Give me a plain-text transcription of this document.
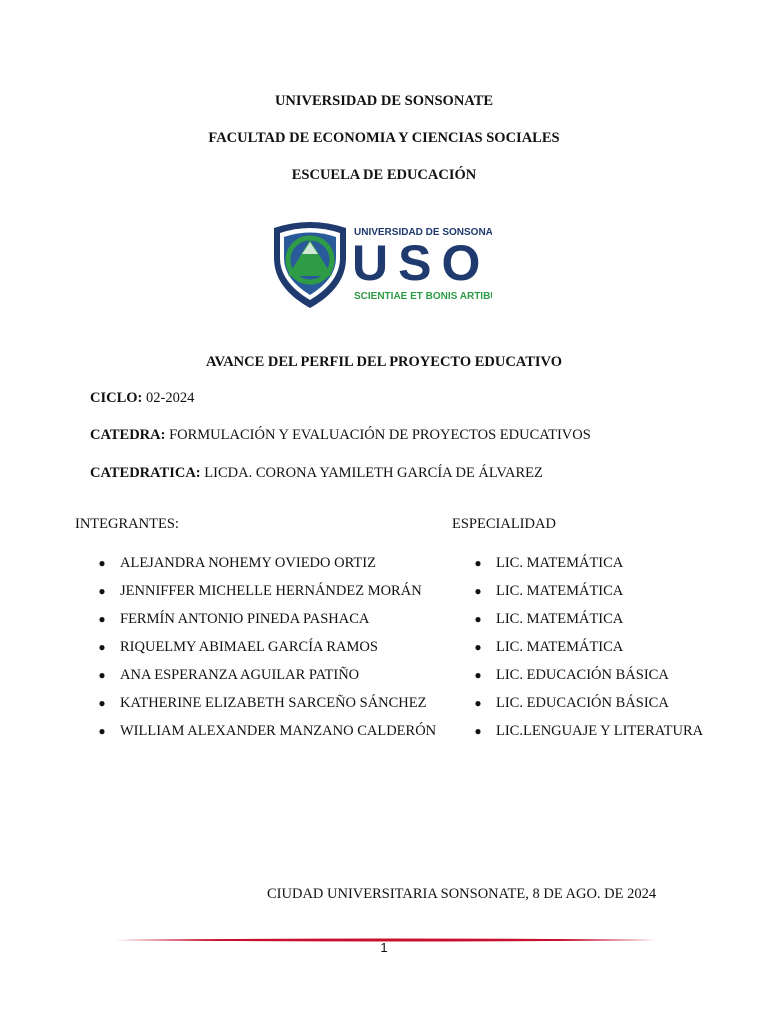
UNIVERSIDAD DE SONSONATE
FACULTAD DE ECONOMIA Y CIENCIAS SOCIALES
ESCUELA DE EDUCACIÓN
UNIVERSIDAD DE SONSONATE
USO
SCIENTIAE ET BONIS ARTIBUS
AVANCE DEL PERFIL DEL PROYECTO EDUCATIVO
CICLO: 02-2024
CATEDRA: FORMULACIÓN Y EVALUACIÓN DE PROYECTOS EDUCATIVOS
CATEDRATICA: LICDA. CORONA YAMILETH GARCÍA DE ÁLVAREZ
INTEGRANTES:	ESPECIALIDAD
● ALEJANDRA NOHEMY OVIEDO ORTIZ
● JENNIFFER MICHELLE HERNÁNDEZ MORÁN
● FERMÍN ANTONIO PINEDA PASHACA
● RIQUELMY ABIMAEL GARCÍA RAMOS
● ANA ESPERANZA AGUILAR PATIÑO
● KATHERINE ELIZABETH SARCEÑO SÁNCHEZ
● WILLIAM ALEXANDER MANZANO CALDERÓN
● LIC. MATEMÁTICA
● LIC. MATEMÁTICA
● LIC. MATEMÁTICA
● LIC. MATEMÁTICA
● LIC. EDUCACIÓN BÁSICA
● LIC. EDUCACIÓN BÁSICA
● LIC.LENGUAJE Y LITERATURA
CIUDAD UNIVERSITARIA SONSONATE, 8 DE AGO. DE 2024
1
